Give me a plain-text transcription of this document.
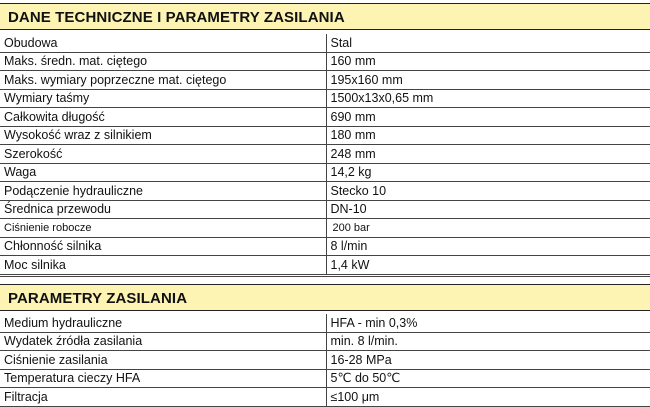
DANE TECHNICZNE I PARAMETRY ZASILANIA
Obudowa	Stal
Maks. średn. mat. ciętego	160 mm
Maks. wymiary poprzeczne mat. ciętego	195x160 mm
Wymiary taśmy	1500x13x0,65 mm
Całkowita długość	690 mm
Wysokość wraz z silnikiem	180 mm
Szerokość	248 mm
Waga	14,2 kg
Podączenie hydrauliczne	Stecko 10
Średnica przewodu	DN-10
Ciśnienie robocze	200 bar
Chłonność silnika	8 l/min
Moc silnika	1,4 kW
PARAMETRY ZASILANIA
Medium hydrauliczne	HFA - min 0,3%
Wydatek źródła zasilania	min. 8 l/min.
Ciśnienie zasilania	16-28 MPa
Temperatura cieczy HFA	5℃ do 50℃
Filtracja	≤100 μm
